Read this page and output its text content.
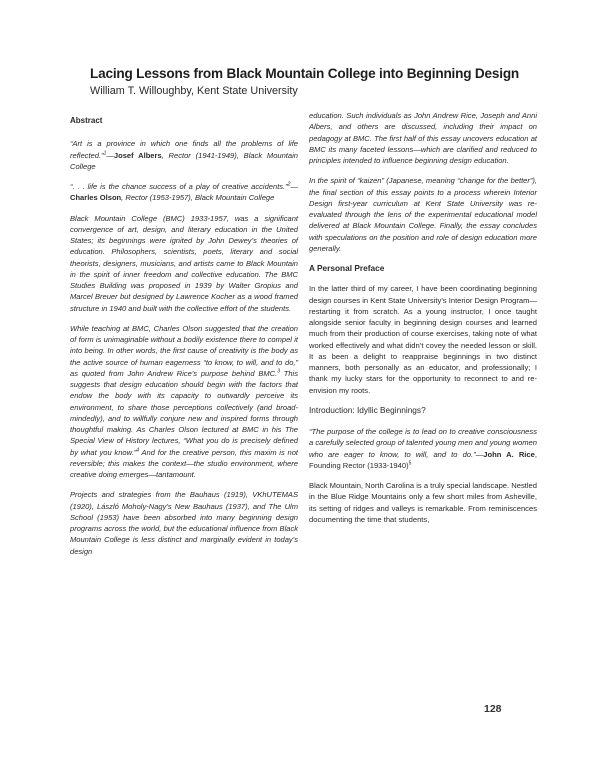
Lacing Lessons from Black Mountain College into Beginning Design
William T. Willoughby, Kent State University
Abstract

“Art is a province in which one finds all the problems of life reflected.”$^1$—Josef Albers, Rector (1941-1949), Black Mountain College

“. . . life is the chance success of a play of creative accidents.”$^2$—Charles Olson, Rector (1953-1957), Black Mountain College

Black Mountain College (BMC) 1933-1957, was a significant convergence of art, design, and literary education in the United States; its beginnings were ignited by John Dewey’s theories of education. Philosophers, scientists, poets, literary and social theorists, designers, musicians, and artists came to Black Mountain in the spirit of inner freedom and collective education. The BMC Studies Building was proposed in 1939 by Walter Gropius and Marcel Breuer but designed by Lawrence Kocher as a wood framed structure in 1940 and built with the collective effort of the students.

While teaching at BMC, Charles Olson suggested that the creation of form is unimaginable without a bodily existence there to compel it into being. In other words, the first cause of creativity is the body as the active source of human eagerness “to know, to will, and to do,” as quoted from John Andrew Rice’s purpose behind BMC.$^3$ This suggests that design education should begin with the factors that endow the body with its capacity to outwardly perceive its environment, to share those perceptions collectively (and broad-mindedly), and to willfully conjure new and inspired forms through thoughtful making. As Charles Olson lectured at BMC in his The Special View of History lectures, “What you do is precisely defined by what you know.”$^4$ And for the creative person, this maxim is not reversible; this makes the context—the studio environment, where creative doing emerges—tantamount.

Projects and strategies from the Bauhaus (1919), VKhUTEMAS (1920), László Moholy-Nagy’s New Bauhaus (1937), and The Ulm School (1953) have been absorbed into many beginning design programs across the world, but the educational influence from Black Mountain College is less distinct and marginally evident in today’s design

education. Such individuals as John Andrew Rice, Joseph and Anni Albers, and others are discussed, including their impact on pedagogy at BMC. The first half of this essay uncovers education at BMC its many faceted lessons—which are clarified and reduced to principles intended to influence beginning design education.

In the spirit of “kaizen” (Japanese, meaning “change for the better”), the final section of this essay points to a process wherein Interior Design first-year curriculum at Kent State University was re-evaluated through the lens of the experimental educational model delivered at Black Mountain College. Finally, the essay concludes with speculations on the position and role of design education more generally.

A Personal Preface

In the latter third of my career, I have been coordinating beginning design courses in Kent State University’s Interior Design Program—restarting it from scratch. As a young instructor, I once taught alongside senior faculty in beginning design courses and learned much from their production of course exercises, taking note of what worked effectively and what didn’t covey the needed lesson or skill. It as been a delight to reappraise beginnings in two distinct manners, both personally as an educator, and professionally; I thank my lucky stars for the opportunity to reconnect to and re-envision my roots.

Introduction: Idyllic Beginnings?

“The purpose of the college is to lead on to creative consciousness a carefully selected group of talented young men and young women who are eager to know, to will, and to do.”—John A. Rice, Founding Rector (1933-1940)$^5$

Black Mountain, North Carolina is a truly special landscape. Nestled in the Blue Ridge Mountains only a few short miles from Asheville, its setting of ridges and valleys is remarkable. From reminiscences documenting the time that students,

128
